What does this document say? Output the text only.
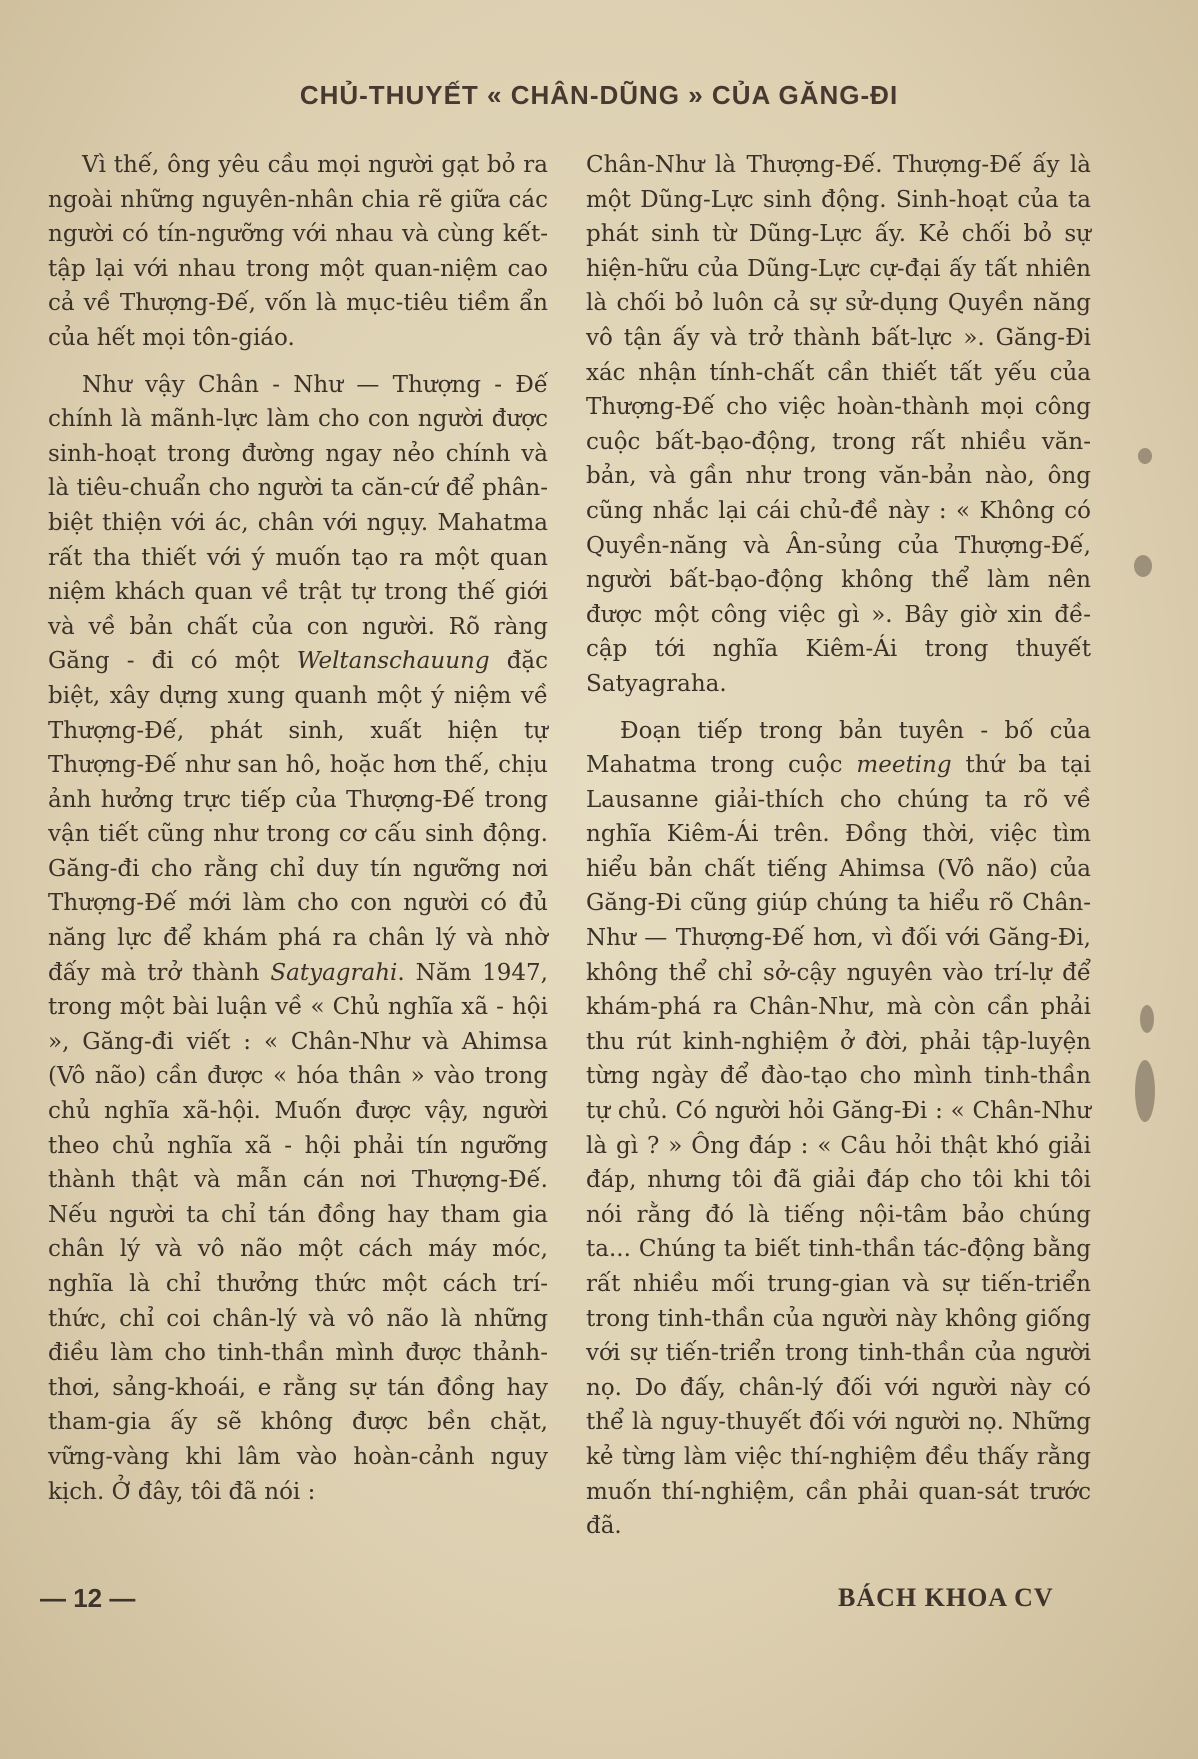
CHỦ-THUYẾT « CHÂN-DŨNG » CỦA GĂNG-ĐI

Vì thế, ông yêu cầu mọi người gạt bỏ ra ngoài những nguyên-nhân chia rẽ giữa các người có tín-ngưỡng với nhau và cùng kết-tập lại với nhau trong một quan-niệm cao cả về Thượng-Đế, vốn là mục-tiêu tiềm ẩn của hết mọi tôn-giáo.

Như vậy Chân - Như — Thượng - Đế chính là mãnh-lực làm cho con người được sinh-hoạt trong đường ngay nẻo chính và là tiêu-chuẩn cho người ta căn-cứ để phân-biệt thiện với ác, chân với ngụy. Mahatma rất tha thiết với ý muốn tạo ra một quan niệm khách quan về trật tự trong thế giới và về bản chất của con người. Rõ ràng Găng - đi có một Weltanschauung đặc biệt, xây dựng xung quanh một ý niệm về Thượng-Đế, phát sinh, xuất hiện tự Thượng-Đế như san hô, hoặc hơn thế, chịu ảnh hưởng trực tiếp của Thượng-Đế trong vận tiết cũng như trong cơ cấu sinh động. Găng-đi cho rằng chỉ duy tín ngưỡng nơi Thượng-Đế mới làm cho con người có đủ năng lực để khám phá ra chân lý và nhờ đấy mà trở thành Satyagrahi. Năm 1947, trong một bài luận về « Chủ nghĩa xã - hội », Găng-đi viết : « Chân-Như và Ahimsa (Vô não) cần được « hóa thân » vào trong chủ nghĩa xã-hội. Muốn được vậy, người theo chủ nghĩa xã - hội phải tín ngưỡng thành thật và mẫn cán nơi Thượng-Đế. Nếu người ta chỉ tán đồng hay tham gia chân lý và vô não một cách máy móc, nghĩa là chỉ thưởng thức một cách trí-thức, chỉ coi chân-lý và vô não là những điều làm cho tinh-thần mình được thảnh-thơi, sảng-khoái, e rằng sự tán đồng hay tham-gia ấy sẽ không được bền chặt, vững-vàng khi lâm vào hoàn-cảnh nguy kịch. Ở đây, tôi đã nói :

Chân-Như là Thượng-Đế. Thượng-Đế ấy là một Dũng-Lực sinh động. Sinh-hoạt của ta phát sinh từ Dũng-Lực ấy. Kẻ chối bỏ sự hiện-hữu của Dũng-Lực cự-đại ấy tất nhiên là chối bỏ luôn cả sự sử-dụng Quyền năng vô tận ấy và trở thành bất-lực ». Găng-Đi xác nhận tính-chất cần thiết tất yếu của Thượng-Đế cho việc hoàn-thành mọi công cuộc bất-bạo-động, trong rất nhiều văn-bản, và gần như trong văn-bản nào, ông cũng nhắc lại cái chủ-đề này : « Không có Quyền-năng và Ân-sủng của Thượng-Đế, người bất-bạo-động không thể làm nên được một công việc gì ». Bây giờ xin đề-cập tới nghĩa Kiêm-Ái trong thuyết Satyagraha.

Đoạn tiếp trong bản tuyên - bố của Mahatma trong cuộc meeting thứ ba tại Lausanne giải-thích cho chúng ta rõ về nghĩa Kiêm-Ái trên. Đồng thời, việc tìm hiểu bản chất tiếng Ahimsa (Vô não) của Găng-Đi cũng giúp chúng ta hiểu rõ Chân-Như — Thượng-Đế hơn, vì đối với Găng-Đi, không thể chỉ sở-cậy nguyên vào trí-lự để khám-phá ra Chân-Như, mà còn cần phải thu rút kinh-nghiệm ở đời, phải tập-luyện từng ngày để đào-tạo cho mình tinh-thần tự chủ. Có người hỏi Găng-Đi : « Chân-Như là gì ? » Ông đáp : « Câu hỏi thật khó giải đáp, nhưng tôi đã giải đáp cho tôi khi tôi nói rằng đó là tiếng nội-tâm bảo chúng ta... Chúng ta biết tinh-thần tác-động bằng rất nhiều mối trung-gian và sự tiến-triển trong tinh-thần của người này không giống với sự tiến-triển trong tinh-thần của người nọ. Do đấy, chân-lý đối với người này có thể là nguy-thuyết đối với người nọ. Những kẻ từng làm việc thí-nghiệm đều thấy rằng muốn thí-nghiệm, cần phải quan-sát trước đã.

— 12 —	BÁCH KHOA CV
